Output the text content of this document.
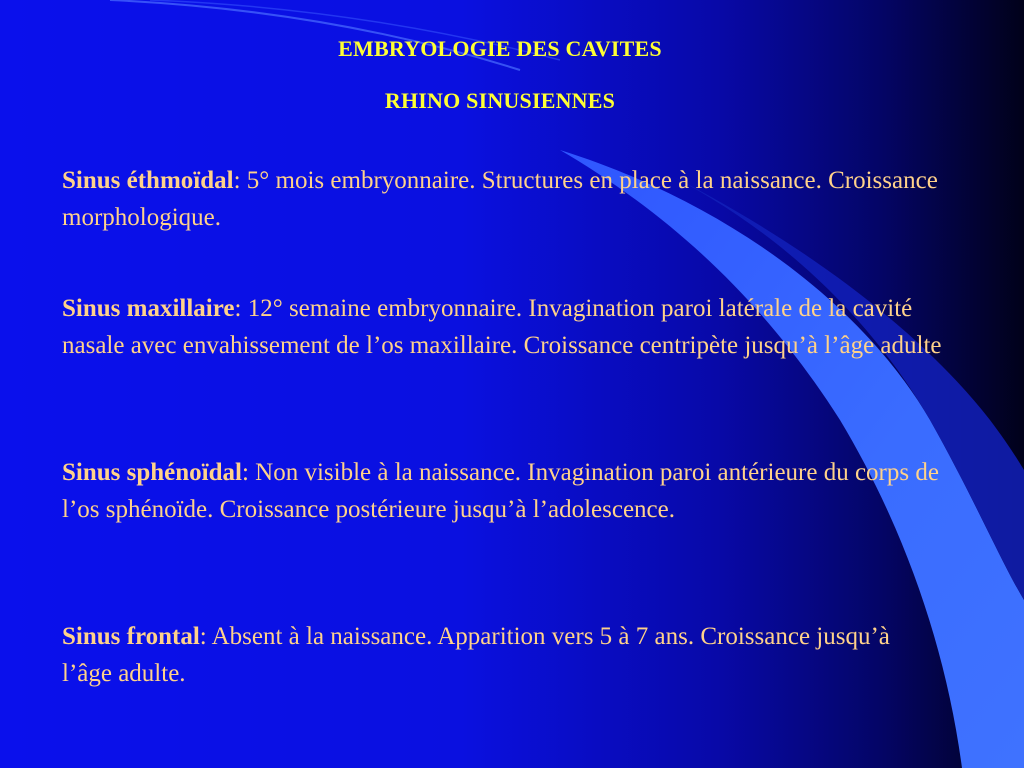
EMBRYOLOGIE DES CAVITES
RHINO SINUSIENNES

Sinus éthmoïdal: 5° mois embryonnaire. Structures en place à la naissance. Croissance morphologique.

Sinus maxillaire: 12° semaine embryonnaire. Invagination paroi latérale de la cavité nasale avec envahissement de l’os maxillaire. Croissance centripète jusqu’à l’âge adulte

Sinus sphénoïdal: Non visible à la naissance. Invagination paroi antérieure du corps de l’os sphénoïde. Croissance postérieure jusqu’à l’adolescence.

Sinus frontal: Absent à la naissance. Apparition vers 5 à 7 ans. Croissance jusqu’à l’âge adulte.
